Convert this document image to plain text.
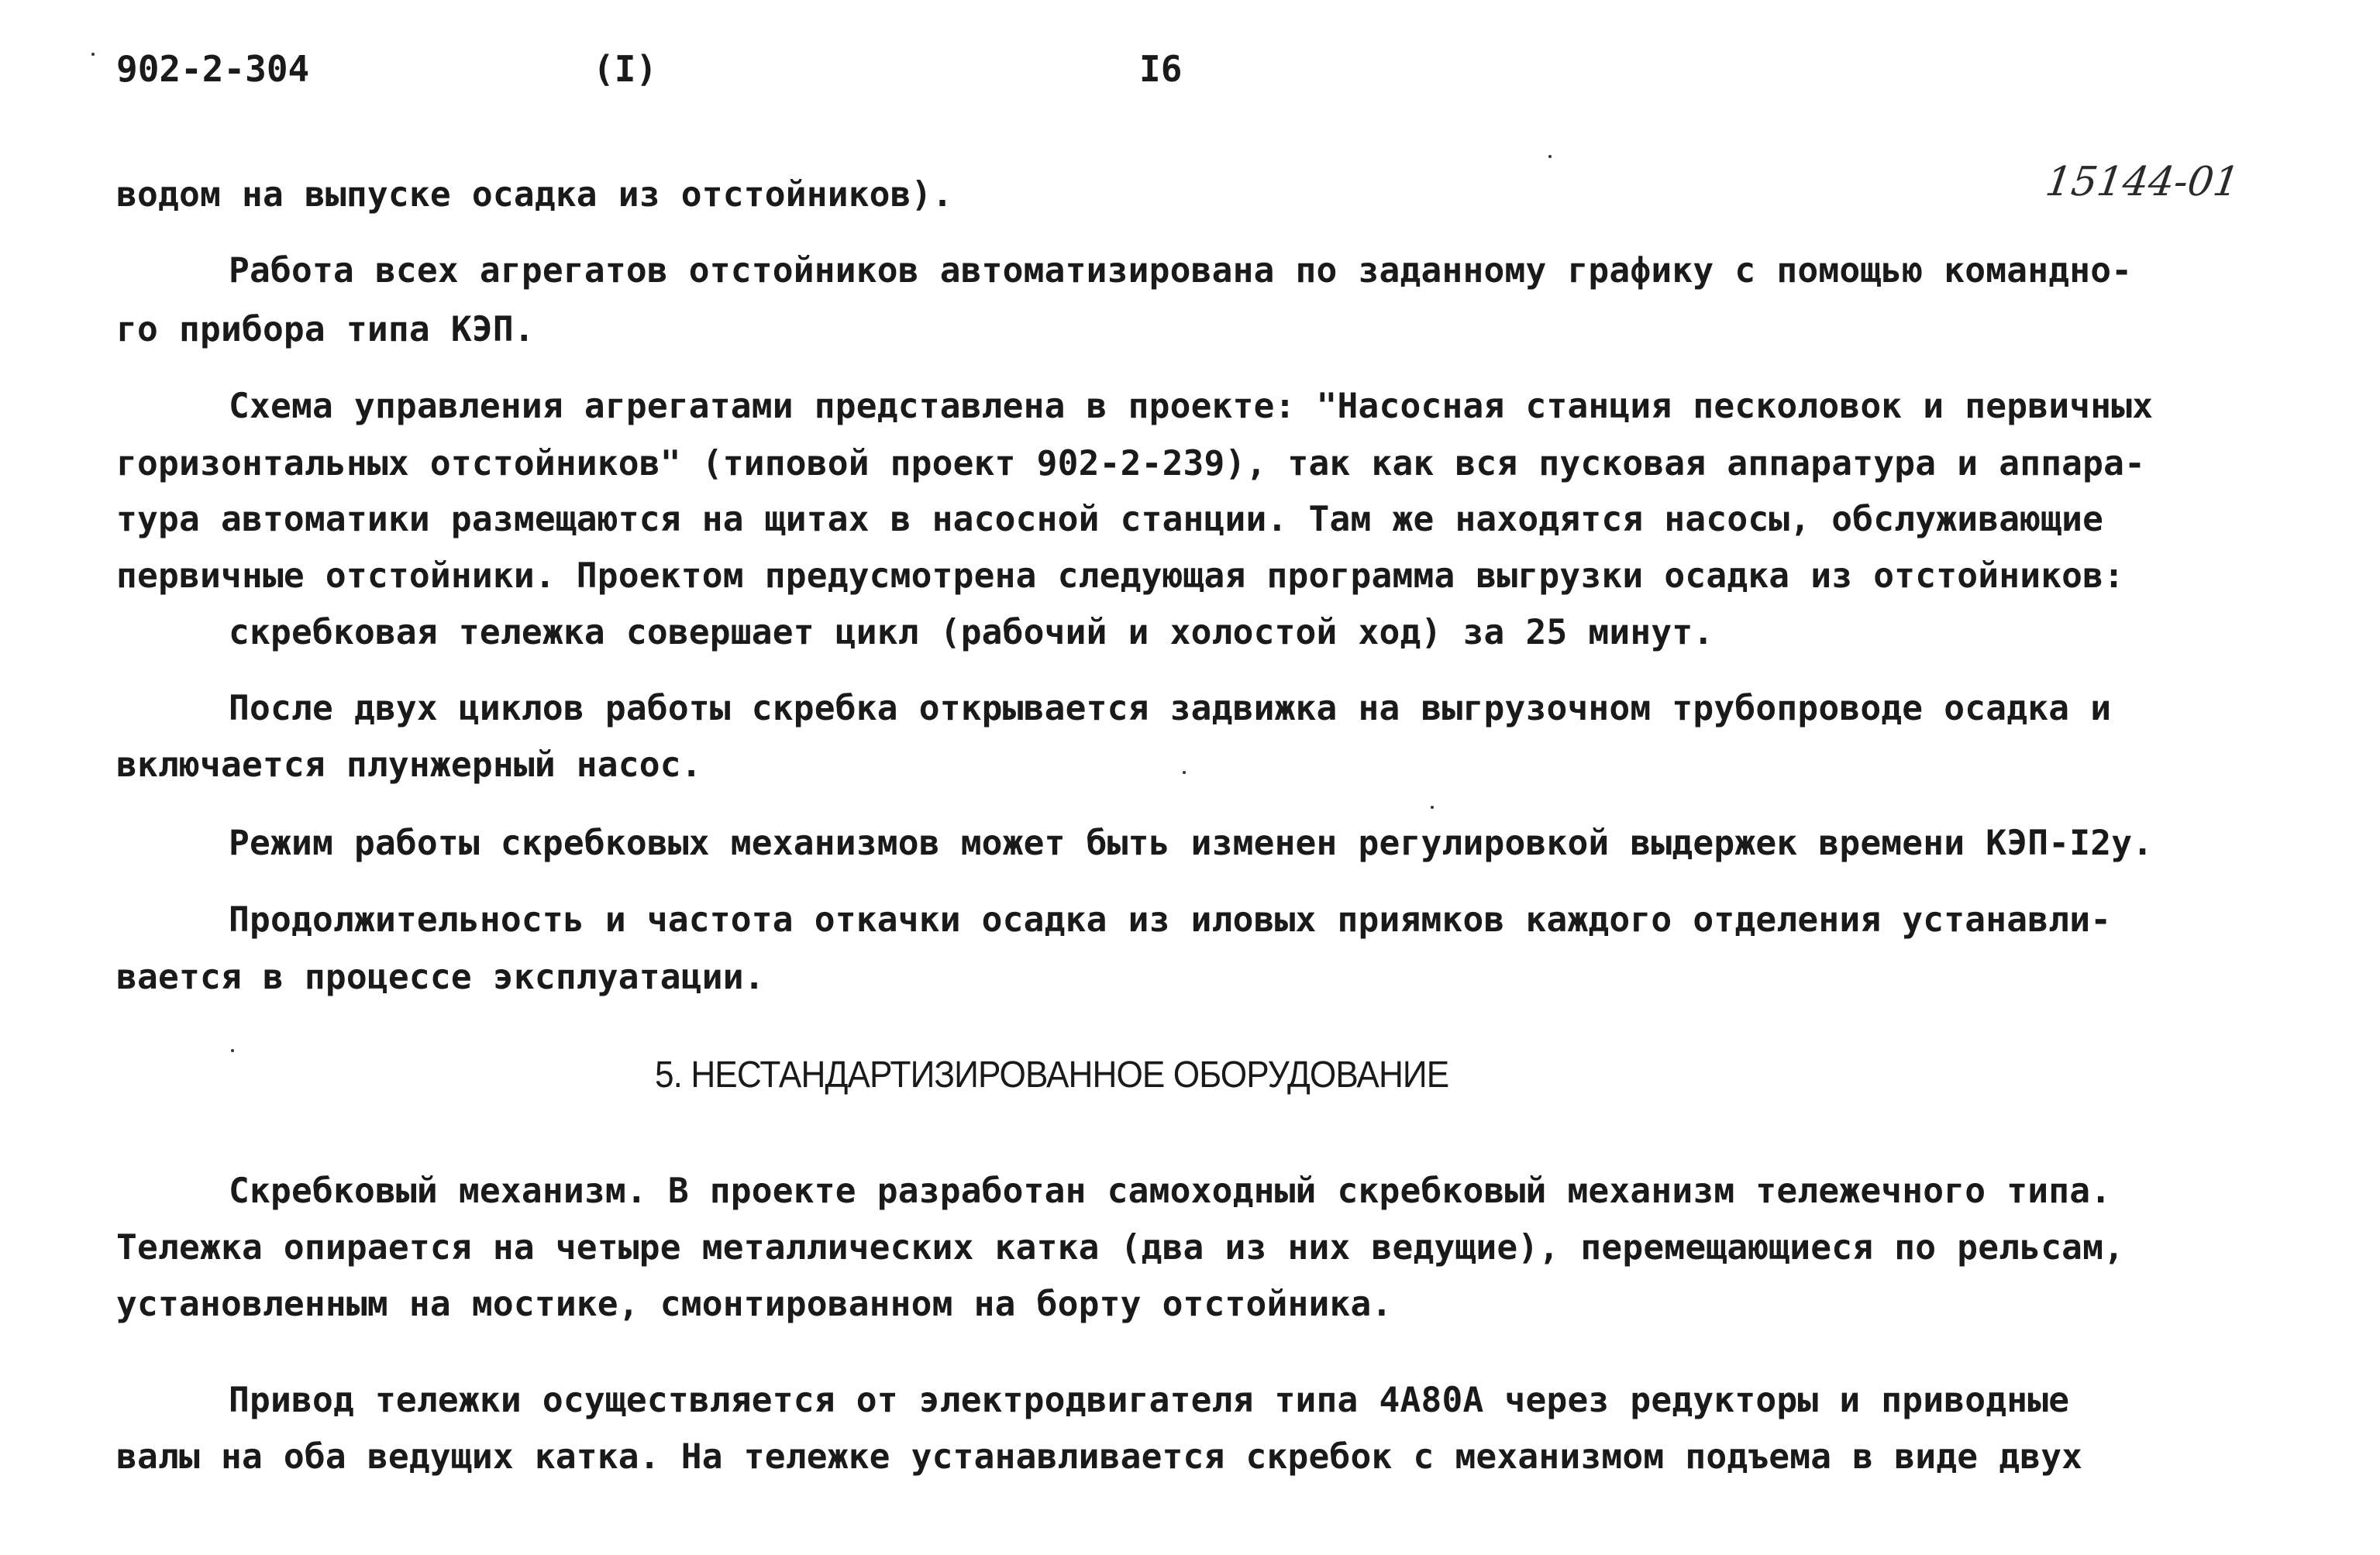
902-2-304	(I)	I6
15144-01
водом на выпуске осадка из отстойников).
Работа всех агрегатов отстойников автоматизирована по заданному графику с помощью командно-
го прибора типа КЭП.
Схема управления агрегатами представлена в проекте: "Насосная станция песколовок и первичных
горизонтальных отстойников" (типовой проект 902-2-239), так как вся пусковая аппаратура и аппара-
тура автоматики размещаются на щитах в насосной станции. Там же находятся насосы, обслуживающие
первичные отстойники. Проектом предусмотрена следующая программа выгрузки осадка из отстойников:
скребковая тележка совершает цикл (рабочий и холостой ход) за 25 минут.
После двух циклов работы скребка открывается задвижка на выгрузочном трубопроводе осадка и
включается плунжерный насос.
Режим работы скребковых механизмов может быть изменен регулировкой выдержек времени КЭП-I2у.
Продолжительность и частота откачки осадка из иловых приямков каждого отделения устанавли-
вается в процессе эксплуатации.
5. НЕСТАНДАРТИЗИРОВАННОЕ ОБОРУДОВАНИЕ
Скребковый механизм. В проекте разработан самоходный скребковый механизм тележечного типа.
Тележка опирается на четыре металлических катка (два из них ведущие), перемещающиеся по рельсам,
установленным на мостике, смонтированном на борту отстойника.
Привод тележки осуществляется от электродвигателя типа 4А80А через редукторы и приводные
валы на оба ведущих катка. На тележке устанавливается скребок с механизмом подъема в виде двух
